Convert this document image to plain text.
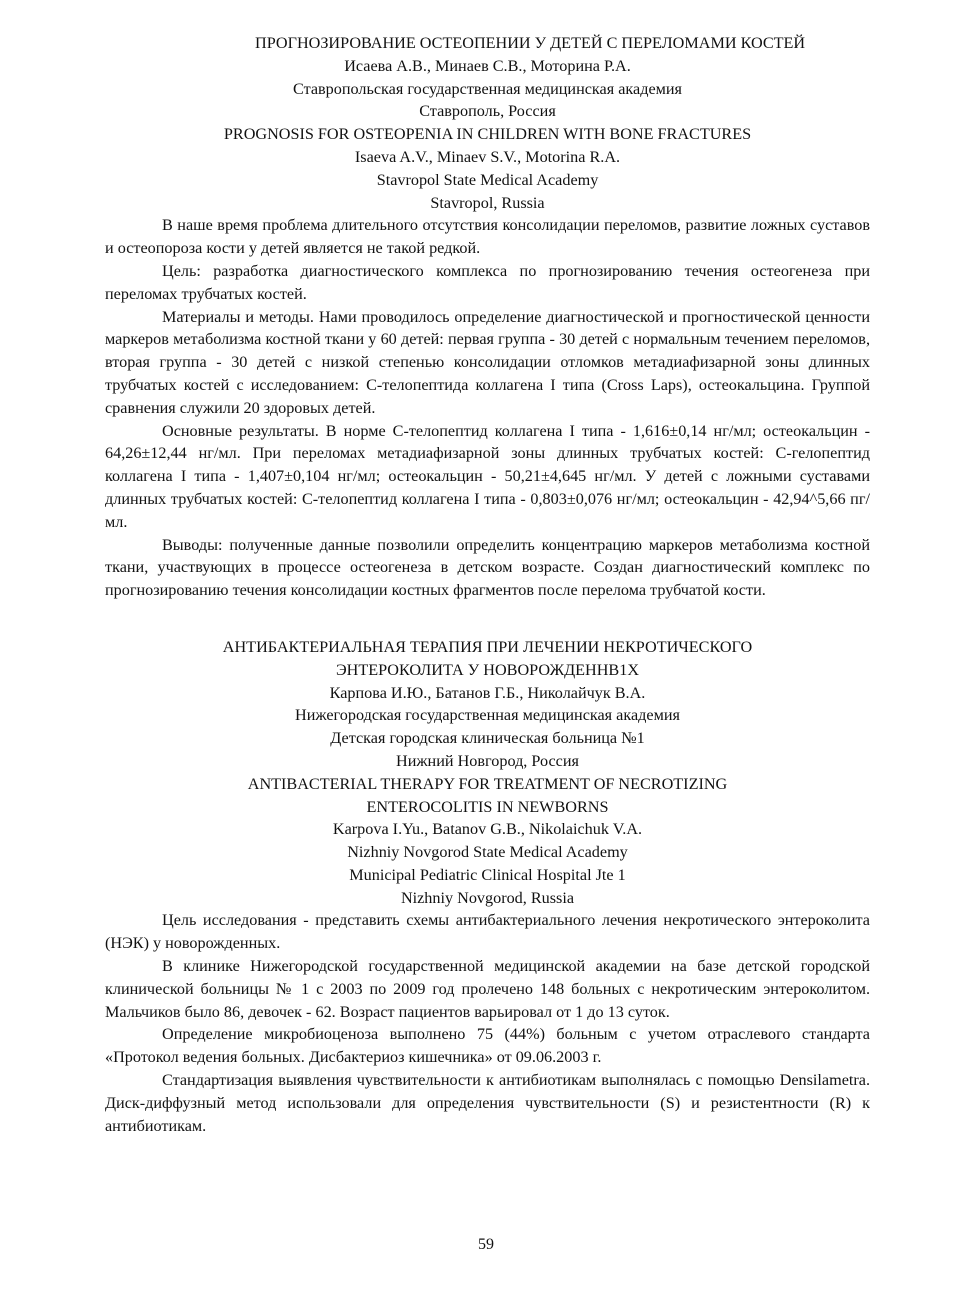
ПРОГНОЗИРОВАНИЕ ОСТЕОПЕНИИ У ДЕТЕЙ С ПЕРЕЛОМАМИ КОСТЕЙ
Исаева А.В., Минаев С.В., Моторина Р.А.
Ставропольская государственная медицинская академия
Ставрополь, Россия
PROGNOSIS FOR OSTEOPENIA IN CHILDREN WITH BONE FRACTURES
Isaeva A.V., Minaev S.V., Motorina R.A.
Stavropol State Medical Academy
Stavropol, Russia

В наше время проблема длительного отсутствия консолидации переломов, развитие ложных суставов и остеопороза кости у детей является не такой редкой.

Цель: разработка диагностического комплекса по прогнозированию течения остеогенеза при переломах трубчатых костей.

Материалы и методы. Нами проводилось определение диагностической и прогностической ценности маркеров метаболизма костной ткани у 60 детей: первая группа - 30 детей с нормальным течением переломов, вторая группа - 30 детей с низкой степенью консолидации отломков метадиафизарной зоны длинных трубчатых костей с исследованием: С-телопептида коллагена I типа (Cross Laps), остеокальцина. Группой сравнения служили 20 здоровых детей.

Основные результаты. В норме С-телопептид коллагена I типа - 1,616±0,14 нг/мл; остеокальцин - 64,26±12,44 нг/мл. При переломах метадиафизарной зоны длинных трубчатых костей: С-гелопептид коллагена I типа - 1,407±0,104 нг/мл; остеокальцин - 50,21±4,645 нг/мл. У детей с ложными суставами длинных трубчатых костей: С-телопептид коллагена I типа - 0,803±0,076 нг/мл; остеокальцин - 42,94^5,66 пг/мл.

Выводы: полученные данные позволили определить концентрацию маркеров метаболизма костной ткани, участвующих в процессе остеогенеза в детском возрасте. Создан диагностический комплекс по прогнозированию течения консолидации костных фрагментов после перелома трубчатой кости.

АНТИБАКТЕРИАЛЬНАЯ ТЕРАПИЯ ПРИ ЛЕЧЕНИИ НЕКРОТИЧЕСКОГО
ЭНТЕРОКОЛИТА У НОВОРОЖДЕННВ1Х
Карпова И.Ю., Батанов Г.Б., Николайчук В.А.
Нижегородская государственная медицинская академия
Детская городская клиническая больница №1
Нижний Новгород, Россия
ANTIBACTERIAL THERAPY FOR TREATMENT OF NECROTIZING
ENTEROCOLITIS IN NEWBORNS
Karpova I.Yu., Batanov G.B., Nikolaichuk V.A.
Nizhniy Novgorod State Medical Academy
Municipal Pediatric Clinical Hospital Jte 1
Nizhniy Novgorod, Russia

Цель исследования - представить схемы антибактериального лечения некротического энтероколита (НЭК) у новорожденных.

В клинике Нижегородской государственной медицинской академии на базе детской городской клинической больницы № 1 с 2003 по 2009 год пролечено 148 больных с некротическим энтероколитом. Мальчиков было 86, девочек - 62. Возраст пациентов варьировал от 1 до 13 суток.

Определение микробиоценоза выполнено 75 (44%) больным с учетом отраслевого стандарта «Протокол ведения больных. Дисбактериоз кишечника» от 09.06.2003 г.

Стандартизация выявления чувствительности к антибиотикам выполнялась с помощью Densilametra. Диск-диффузный метод использовали для определения чувствительности (S) и резистентности (R) к антибиотикам.

59
